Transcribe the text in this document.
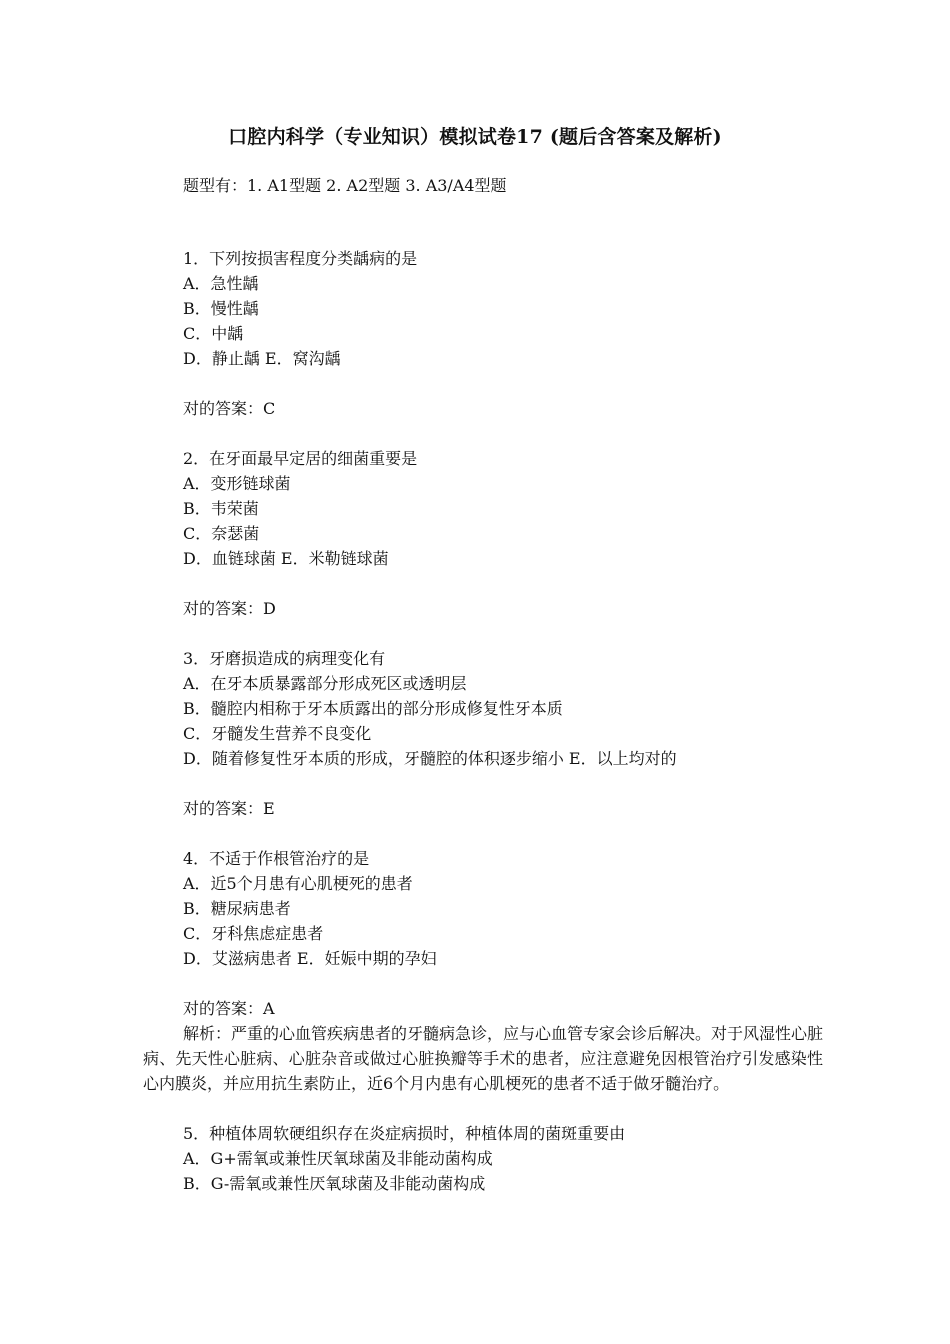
口腔内科学（专业知识）模拟试卷17 (题后含答案及解析)
题型有：1. A1型题 2. A2型题 3. A3/A4型题
1．下列按损害程度分类龋病的是
A．急性龋
B．慢性龋
C．中龋
D．静止龋 E．窝沟龋
对的答案：C
2．在牙面最早定居的细菌重要是
A．变形链球菌
B．韦荣菌
C．奈瑟菌
D．血链球菌 E．米勒链球菌
对的答案：D
3．牙磨损造成的病理变化有
A．在牙本质暴露部分形成死区或透明层
B．髓腔内相称于牙本质露出的部分形成修复性牙本质
C．牙髓发生营养不良变化
D．随着修复性牙本质的形成，牙髓腔的体积逐步缩小 E．以上均对的
对的答案：E
4．不适于作根管治疗的是
A．近5个月患有心肌梗死的患者
B．糖尿病患者
C．牙科焦虑症患者
D．艾滋病患者 E．妊娠中期的孕妇
对的答案：A
解析：严重的心血管疾病患者的牙髓病急诊，应与心血管专家会诊后解决。对于风湿性心脏病、先天性心脏病、心脏杂音或做过心脏换瓣等手术的患者，应注意避免因根管治疗引发感染性心内膜炎，并应用抗生素防止，近6个月内患有心肌梗死的患者不适于做牙髓治疗。
5．种植体周软硬组织存在炎症病损时，种植体周的菌斑重要由
A．G+需氧或兼性厌氧球菌及非能动菌构成
B．G-需氧或兼性厌氧球菌及非能动菌构成
